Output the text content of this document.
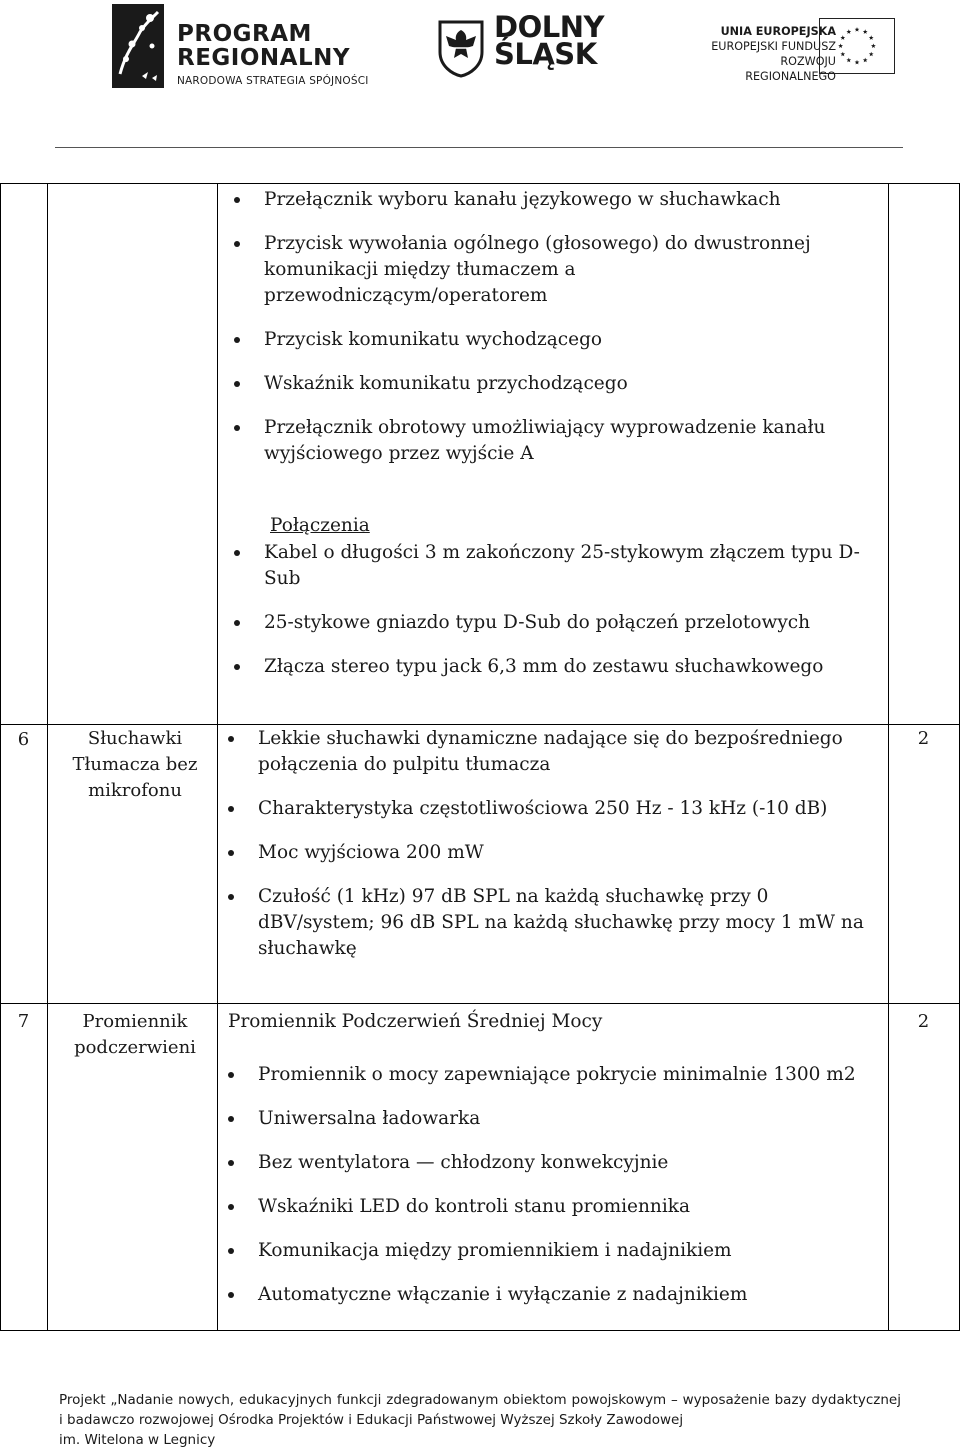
PROGRAM
REGIONALNY
NARODOWA STRATEGIA SPÓJNOŚCI
DOLNY
ŚLĄSK
UNIA EUROPEJSKA
EUROPEJSKI FUNDUSZ
ROZWOJU REGIONALNEGO
Przełącznik wyboru kanału językowego w słuchawkach
Przycisk wywołania ogólnego (głosowego) do dwustronnej komunikacji między tłumaczem a przewodniczącym/operatorem
Przycisk komunikatu wychodzącego
Wskaźnik komunikatu przychodzącego
Przełącznik obrotowy umożliwiający wyprowadzenie kanału wyjściowego przez wyjście A
Połączenia
Kabel o długości 3 m zakończony 25-stykowym złączem typu D-Sub
25-stykowe gniazdo typu D-Sub do połączeń przelotowych
Złącza stereo typu jack 6,3 mm do zestawu słuchawkowego
6	Słuchawki Tłumacza bez mikrofonu
Lekkie słuchawki dynamiczne nadające się do bezpośredniego połączenia do pulpitu tłumacza
Charakterystyka częstotliwościowa 250 Hz - 13 kHz (-10 dB)
Moc wyjściowa 200 mW
Czułość (1 kHz) 97 dB SPL na każdą słuchawkę przy 0 dBV/system; 96 dB SPL na każdą słuchawkę przy mocy 1 mW na słuchawkę
2
7	Promiennik podczerwieni
Promiennik Podczerwień Średniej Mocy
Promiennik o mocy zapewniające pokrycie minimalnie 1300 m2
Uniwersalna ładowarka
Bez wentylatora — chłodzony konwekcyjnie
Wskaźniki LED do kontroli stanu promiennika
Komunikacja między promiennikiem i nadajnikiem
Automatyczne włączanie i wyłączanie z nadajnikiem
2
Projekt „Nadanie nowych, edukacyjnych funkcji zdegradowanym obiektom powojskowym – wyposażenie bazy dydaktycznej i badawczo rozwojowej Ośrodka Projektów i Edukacji Państwowej Wyższej Szkoły Zawodowej
im. Witelona w Legnicy
